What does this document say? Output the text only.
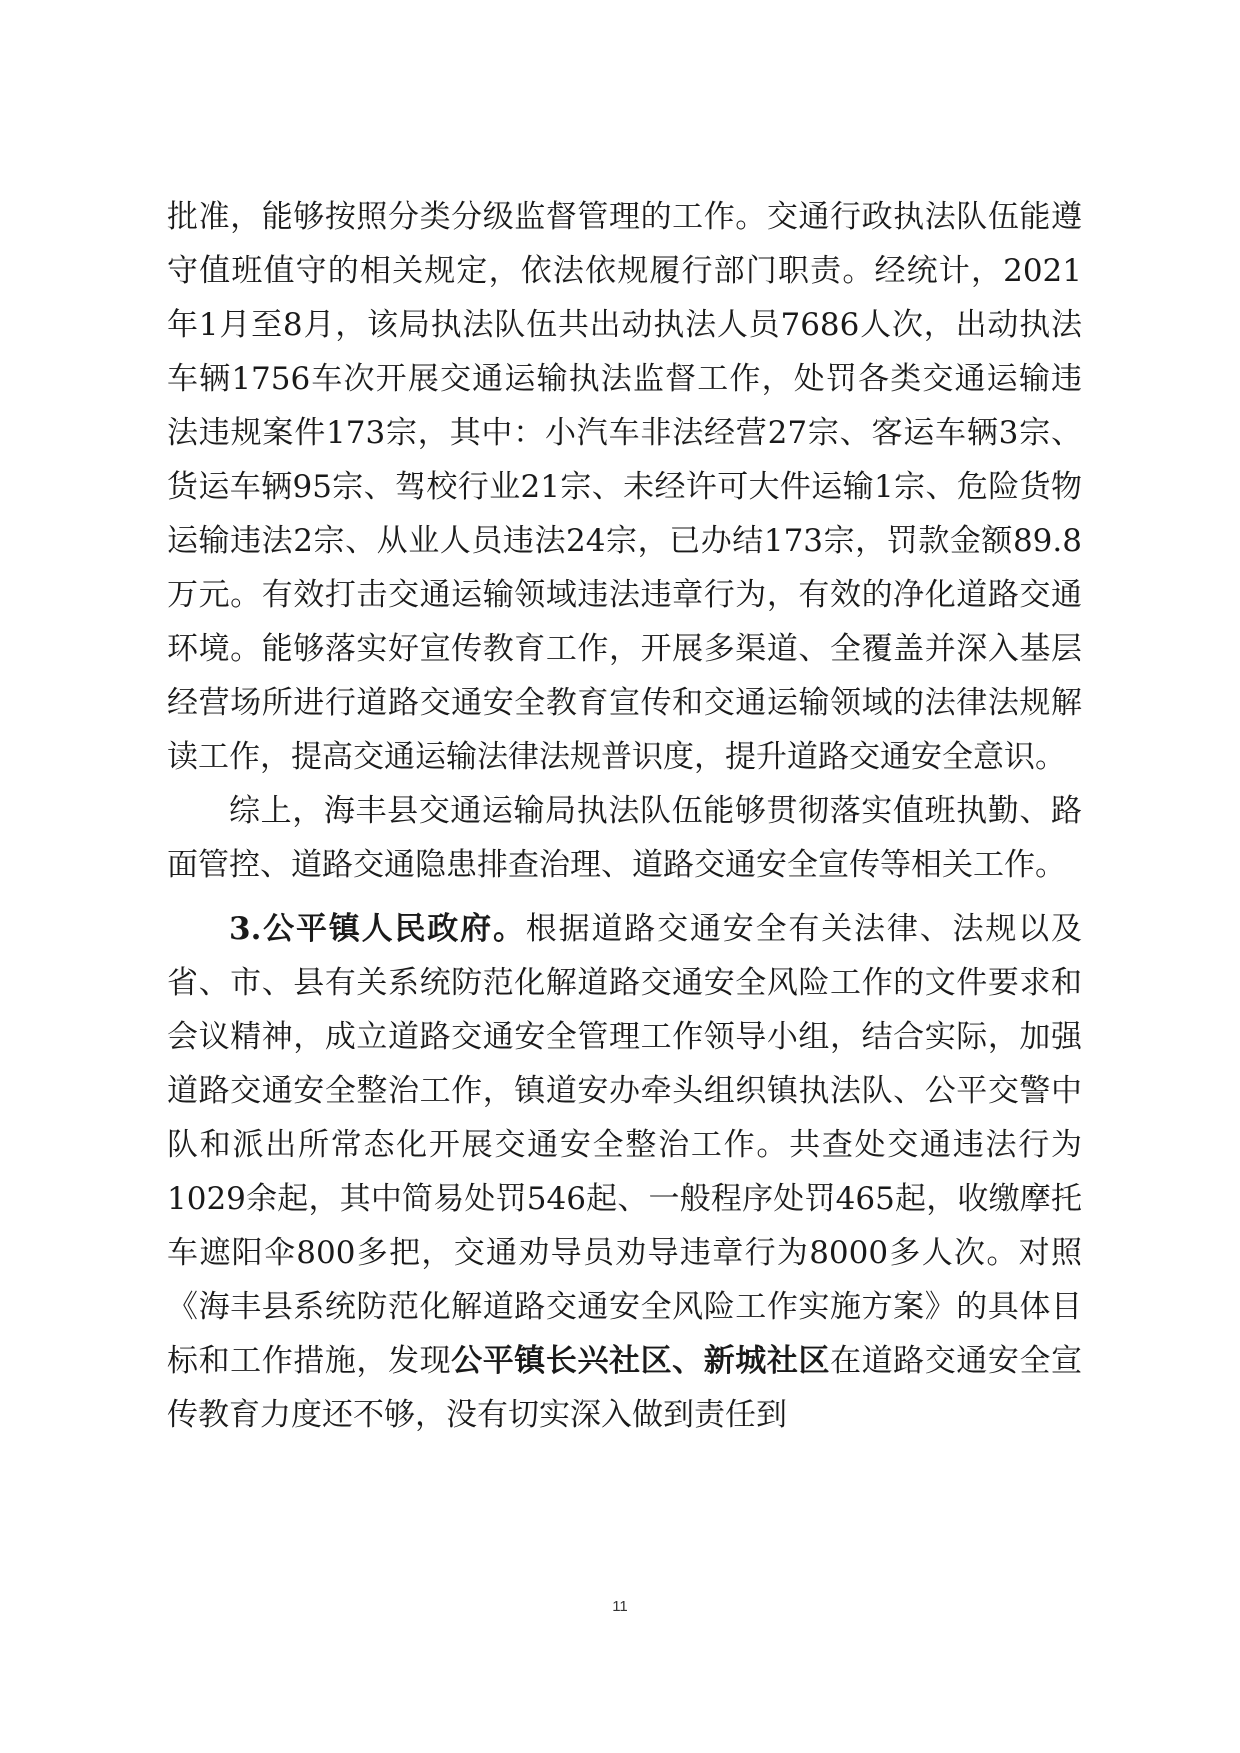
批准，能够按照分类分级监督管理的工作。交通行政执法队伍能遵守值班值守的相关规定，依法依规履行部门职责。经统计，2021年1月至8月，该局执法队伍共出动执法人员7686人次，出动执法车辆1756车次开展交通运输执法监督工作，处罚各类交通运输违法违规案件173宗，其中：小汽车非法经营27宗、客运车辆3宗、货运车辆95宗、驾校行业21宗、未经许可大件运输1宗、危险货物运输违法2宗、从业人员违法24宗，已办结173宗，罚款金额89.8万元。有效打击交通运输领域违法违章行为，有效的净化道路交通环境。能够落实好宣传教育工作，开展多渠道、全覆盖并深入基层经营场所进行道路交通安全教育宣传和交通运输领域的法律法规解读工作，提高交通运输法律法规普识度，提升道路交通安全意识。

综上，海丰县交通运输局执法队伍能够贯彻落实值班执勤、路面管控、道路交通隐患排查治理、道路交通安全宣传等相关工作。

3.公平镇人民政府。根据道路交通安全有关法律、法规以及省、市、县有关系统防范化解道路交通安全风险工作的文件要求和会议精神，成立道路交通安全管理工作领导小组，结合实际，加强道路交通安全整治工作，镇道安办牵头组织镇执法队、公平交警中队和派出所常态化开展交通安全整治工作。共查处交通违法行为1029余起，其中简易处罚546起、一般程序处罚465起，收缴摩托车遮阳伞800多把，交通劝导员劝导违章行为8000多人次。对照《海丰县系统防范化解道路交通安全风险工作实施方案》的具体目标和工作措施，发现公平镇长兴社区、新城社区在道路交通安全宣传教育力度还不够，没有切实深入做到责任到

11
